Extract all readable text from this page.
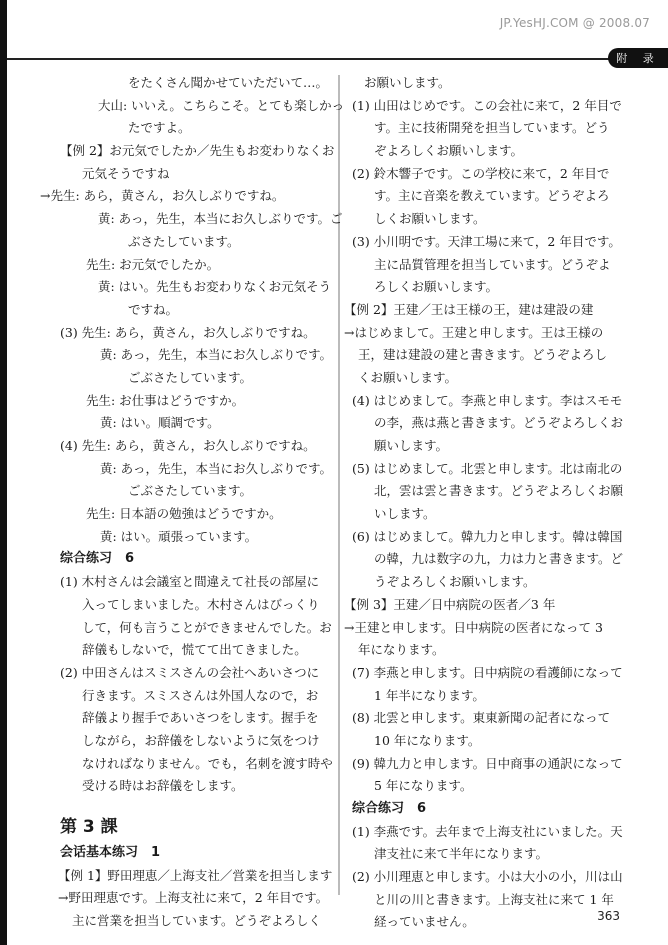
JP.YesHJ.COM @ 2008.07
附 录
をたくさん聞かせていただいて…。
大山: いいえ。こちらこそ。とても楽しかっ
たですよ。
【例 2】お元気でしたか／先生もお変わりなくお
元気そうですね
→先生: あら，黄さん，お久しぶりですね。
黄: あっ，先生，本当にお久しぶりです。ご
ぶさたしています。
先生: お元気でしたか。
黄: はい。先生もお変わりなくお元気そう
ですね。
(3) 先生: あら，黄さん，お久しぶりですね。
黄: あっ，先生，本当にお久しぶりです。
ごぶさたしています。
先生: お仕事はどうですか。
黄: はい。順調です。
(4) 先生: あら，黄さん，お久しぶりですね。
黄: あっ，先生，本当にお久しぶりです。
ごぶさたしています。
先生: 日本語の勉強はどうですか。
黄: はい。頑張っています。
综合练习　6
(1) 木村さんは会議室と間違えて社長の部屋に
入ってしまいました。木村さんはびっくり
して，何も言うことができませんでした。お
辞儀もしないで，慌てて出てきました。
(2) 中田さんはスミスさんの会社へあいさつに
行きます。スミスさんは外国人なので，お
辞儀より握手であいさつをします。握手を
しながら，お辞儀をしないように気をつけ
なければなりません。でも，名刺を渡す時や
受ける時はお辞儀をします。
第 3 課
会话基本练习　1
【例 1】野田理恵／上海支社／営業を担当します
→野田理恵です。上海支社に来て，2 年目です。
主に営業を担当しています。どうぞよろしく
お願いします。
(1) 山田はじめです。この会社に来て，2 年目で
す。主に技術開発を担当しています。どう
ぞよろしくお願いします。
(2) 鈴木響子です。この学校に来て，2 年目で
す。主に音楽を教えています。どうぞよろ
しくお願いします。
(3) 小川明です。天津工場に来て，2 年目です。
主に品質管理を担当しています。どうぞよ
ろしくお願いします。
【例 2】王建／王は王様の王，建は建設の建
→はじめまして。王建と申します。王は王様の
王，建は建設の建と書きます。どうぞよろし
くお願いします。
(4) はじめまして。李燕と申します。李はスモモ
の李，燕は燕と書きます。どうぞよろしくお
願いします。
(5) はじめまして。北雲と申します。北は南北の
北，雲は雲と書きます。どうぞよろしくお願
いします。
(6) はじめまして。韓九力と申します。韓は韓国
の韓，九は数字の九，力は力と書きます。ど
うぞよろしくお願いします。
【例 3】王建／日中病院の医者／3 年
→王建と申します。日中病院の医者になって 3
年になります。
(7) 李燕と申します。日中病院の看護師になって
1 年半になります。
(8) 北雲と申します。東東新聞の記者になって
10 年になります。
(9) 韓九力と申します。日中商事の通訳になって
5 年になります。
综合练习　6
(1) 李燕です。去年まで上海支社にいました。天
津支社に来て半年になります。
(2) 小川理恵と申します。小は大小の小，川は山
と川の川と書きます。上海支社に来て 1 年
経っていません。	363
